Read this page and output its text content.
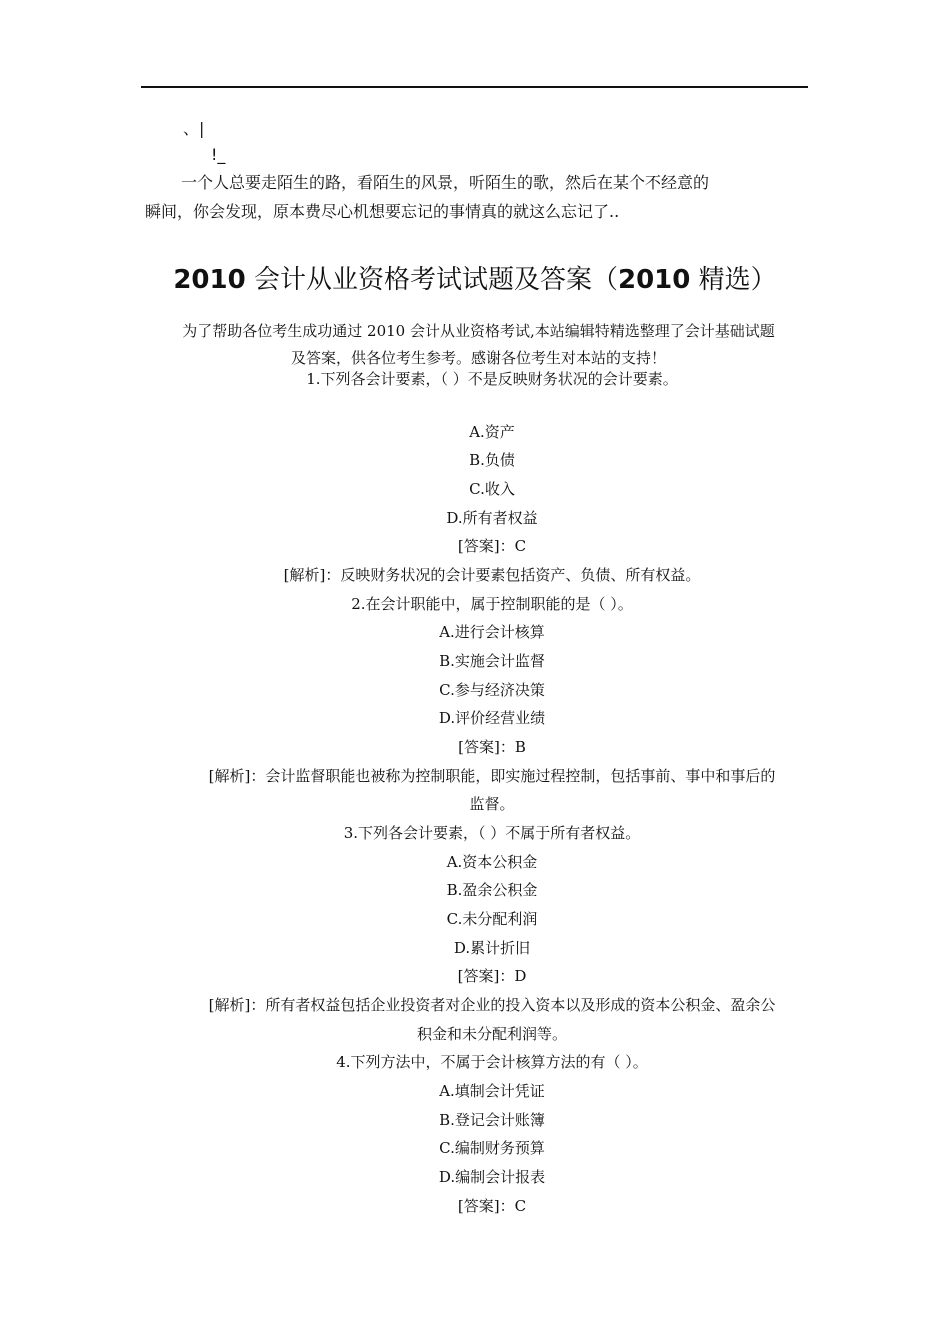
、|
!_
一个人总要走陌生的路，看陌生的风景，听陌生的歌，然后在某个不经意的
瞬间，你会发现，原本费尽心机想要忘记的事情真的就这么忘记了..
2010 会计从业资格考试试题及答案（2010 精选）
为了帮助各位考生成功通过 2010 会计从业资格考试,本站编辑特精选整理了会计基础试题
及答案，供各位考生参考。感谢各位考生对本站的支持！
1.下列各会计要素，（ ）不是反映财务状况的会计要素。
A.资产
B.负债
C.收入
D.所有者权益
[答案]：C
[解析]：反映财务状况的会计要素包括资产、负债、所有权益。
2.在会计职能中，属于控制职能的是（ ）。
A.进行会计核算
B.实施会计监督
C.参与经济决策
D.评价经营业绩
[答案]：B
[解析]：会计监督职能也被称为控制职能，即实施过程控制，包括事前、事中和事后的
监督。
3.下列各会计要素，（ ）不属于所有者权益。
A.资本公积金
B.盈余公积金
C.未分配利润
D.累计折旧
[答案]：D
[解析]：所有者权益包括企业投资者对企业的投入资本以及形成的资本公积金、盈余公
积金和未分配利润等。
4.下列方法中，不属于会计核算方法的有（ ）。
A.填制会计凭证
B.登记会计账簿
C.编制财务预算
D.编制会计报表
[答案]：C
